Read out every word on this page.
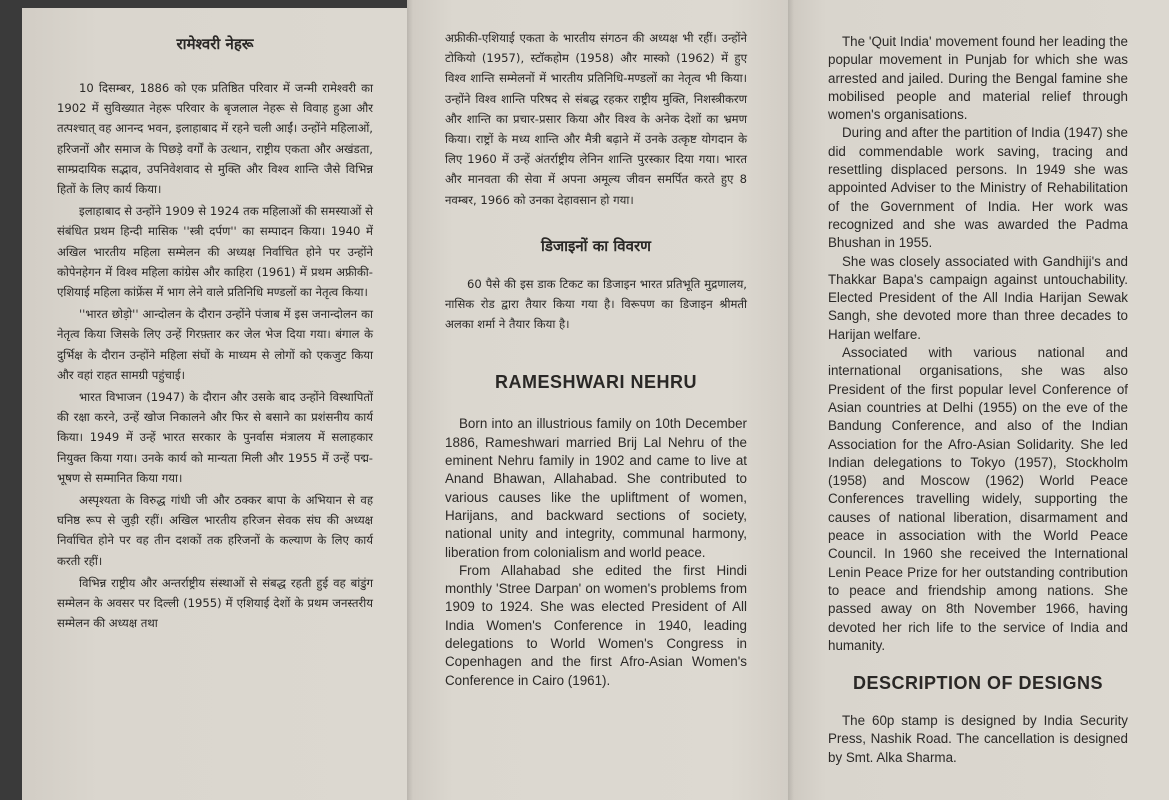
रामेश्वरी नेहरू

10 दिसम्बर, 1886 को एक प्रतिष्ठित परिवार में जन्मी रामेश्वरी का 1902 में सुविख्यात नेहरू परिवार के बृजलाल नेहरू से विवाह हुआ और तत्पश्चात् वह आनन्द भवन, इलाहाबाद में रहने चली आईं। उन्होंने महिलाओं, हरिजनों और समाज के पिछड़े वर्गों के उत्थान, राष्ट्रीय एकता और अखंडता, साम्प्रदायिक सद्भाव, उपनिवेशवाद से मुक्ति और विश्व शान्ति जैसे विभिन्न हितों के लिए कार्य किया।

इलाहाबाद से उन्होंने 1909 से 1924 तक महिलाओं की समस्याओं से संबंधित प्रथम हिन्दी मासिक ''स्त्री दर्पण'' का सम्पादन किया। 1940 में अखिल भारतीय महिला सम्मेलन की अध्यक्ष निर्वाचित होने पर उन्होंने कोपेनहेगन में विश्व महिला कांग्रेस और काहिरा (1961) में प्रथम अफ्रीकी-एशियाई महिला कांफ्रेंस में भाग लेने वाले प्रतिनिधि मण्डलों का नेतृत्व किया।

''भारत छोड़ो'' आन्दोलन के दौरान उन्होंने पंजाब में इस जनान्दोलन का नेतृत्व किया जिसके लिए उन्हें गिरफ़्तार कर जेल भेज दिया गया। बंगाल के दुर्भिक्ष के दौरान उन्होंने महिला संघों के माध्यम से लोगों को एकजुट किया और वहां राहत सामग्री पहुंचाई।

भारत विभाजन (1947) के दौरान और उसके बाद उन्होंने विस्थापितों की रक्षा करने, उन्हें खोज निकालने और फिर से बसाने का प्रशंसनीय कार्य किया। 1949 में उन्हें भारत सरकार के पुनर्वास मंत्रालय में सलाहकार नियुक्त किया गया। उनके कार्य को मान्यता मिली और 1955 में उन्हें पद्म-भूषण से सम्मानित किया गया।

अस्पृश्यता के विरुद्ध गांधी जी और ठक्कर बापा के अभियान से वह घनिष्ठ रूप से जुड़ी रहीं। अखिल भारतीय हरिजन सेवक संघ की अध्यक्ष निर्वाचित होने पर वह तीन दशकों तक हरिजनों के कल्याण के लिए कार्य करती रहीं।

विभिन्न राष्ट्रीय और अन्तर्राष्ट्रीय संस्थाओं से संबद्ध रहती हुई वह बांडुंग सम्मेलन के अवसर पर दिल्ली (1955) में एशियाई देशों के प्रथम जनस्तरीय सम्मेलन की अध्यक्ष तथा

अफ्रीकी-एशियाई एकता के भारतीय संगठन की अध्यक्ष भी रहीं। उन्होंने टोकियो (1957), स्टॉकहोम (1958) और मास्को (1962) में हुए विश्व शान्ति सम्मेलनों में भारतीय प्रतिनिधि-मण्डलों का नेतृत्व भी किया। उन्होंने विश्व शान्ति परिषद से संबद्ध रहकर राष्ट्रीय मुक्ति, निशस्त्रीकरण और शान्ति का प्रचार-प्रसार किया और विश्व के अनेक देशों का भ्रमण किया। राष्ट्रों के मध्य शान्ति और मैत्री बढ़ाने में उनके उत्कृष्ट योगदान के लिए 1960 में उन्हें अंतर्राष्ट्रीय लेनिन शान्ति पुरस्कार दिया गया। भारत और मानवता की सेवा में अपना अमूल्य जीवन समर्पित करते हुए 8 नवम्बर, 1966 को उनका देहावसान हो गया।

डिजाइनों का विवरण

60 पैसे की इस डाक टिकट का डिजाइन भारत प्रतिभूति मुद्रणालय, नासिक रोड द्वारा तैयार किया गया है। विरूपण का डिजाइन श्रीमती अलका शर्मा ने तैयार किया है।

RAMESHWARI NEHRU

Born into an illustrious family on 10th December 1886, Rameshwari married Brij Lal Nehru of the eminent Nehru family in 1902 and came to live at Anand Bhawan, Allahabad. She contributed to various causes like the upliftment of women, Harijans, and backward sections of society, national unity and integrity, communal harmony, liberation from colonialism and world peace.

From Allahabad she edited the first Hindi monthly 'Stree Darpan' on women's problems from 1909 to 1924. She was elected President of All India Women's Conference in 1940, leading delegations to World Women's Congress in Copenhagen and the first Afro-Asian Women's Conference in Cairo (1961).

The 'Quit India' movement found her leading the popular movement in Punjab for which she was arrested and jailed. During the Bengal famine she mobilised people and material relief through women's organisations.

During and after the partition of India (1947) she did commendable work saving, tracing and resettling displaced persons. In 1949 she was appointed Adviser to the Ministry of Rehabilitation of the Government of India. Her work was recognized and she was awarded the Padma Bhushan in 1955.

She was closely associated with Gandhiji's and Thakkar Bapa's campaign against untouchability. Elected President of the All India Harijan Sewak Sangh, she devoted more than three decades to Harijan welfare.

Associated with various national and international organisations, she was also President of the first popular level Conference of Asian countries at Delhi (1955) on the eve of the Bandung Conference, and also of the Indian Association for the Afro-Asian Solidarity. She led Indian delegations to Tokyo (1957), Stockholm (1958) and Moscow (1962) World Peace Conferences travelling widely, supporting the causes of national liberation, disarmament and peace in association with the World Peace Council. In 1960 she received the International Lenin Peace Prize for her outstanding contribution to peace and friendship among nations. She passed away on 8th November 1966, having devoted her rich life to the service of India and humanity.

DESCRIPTION OF DESIGNS

The 60p stamp is designed by India Security Press, Nashik Road. The cancellation is designed by Smt. Alka Sharma.
